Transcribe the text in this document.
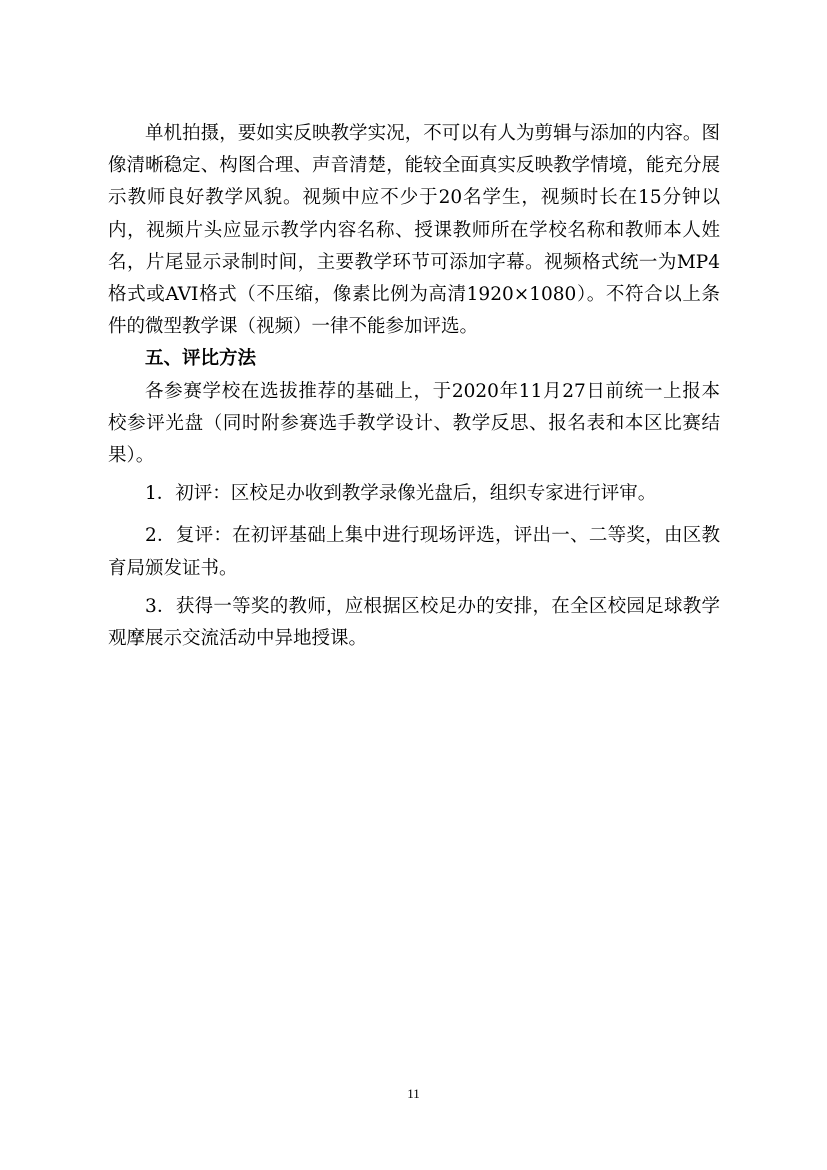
单机拍摄，要如实反映教学实况，不可以有人为剪辑与添加的内容。图像清晰稳定、构图合理、声音清楚，能较全面真实反映教学情境，能充分展示教师良好教学风貌。视频中应不少于20名学生，视频时长在15分钟以内，视频片头应显示教学内容名称、授课教师所在学校名称和教师本人姓名，片尾显示录制时间，主要教学环节可添加字幕。视频格式统一为MP4格式或AVI格式（不压缩，像素比例为高清1920×1080）。不符合以上条件的微型教学课（视频）一律不能参加评选。

五、评比方法

各参赛学校在选拔推荐的基础上，于2020年11月27日前统一上报本校参评光盘（同时附参赛选手教学设计、教学反思、报名表和本区比赛结果）。

1．初评：区校足办收到教学录像光盘后，组织专家进行评审。

2．复评：在初评基础上集中进行现场评选，评出一、二等奖，由区教育局颁发证书。

3．获得一等奖的教师，应根据区校足办的安排，在全区校园足球教学观摩展示交流活动中异地授课。

11
